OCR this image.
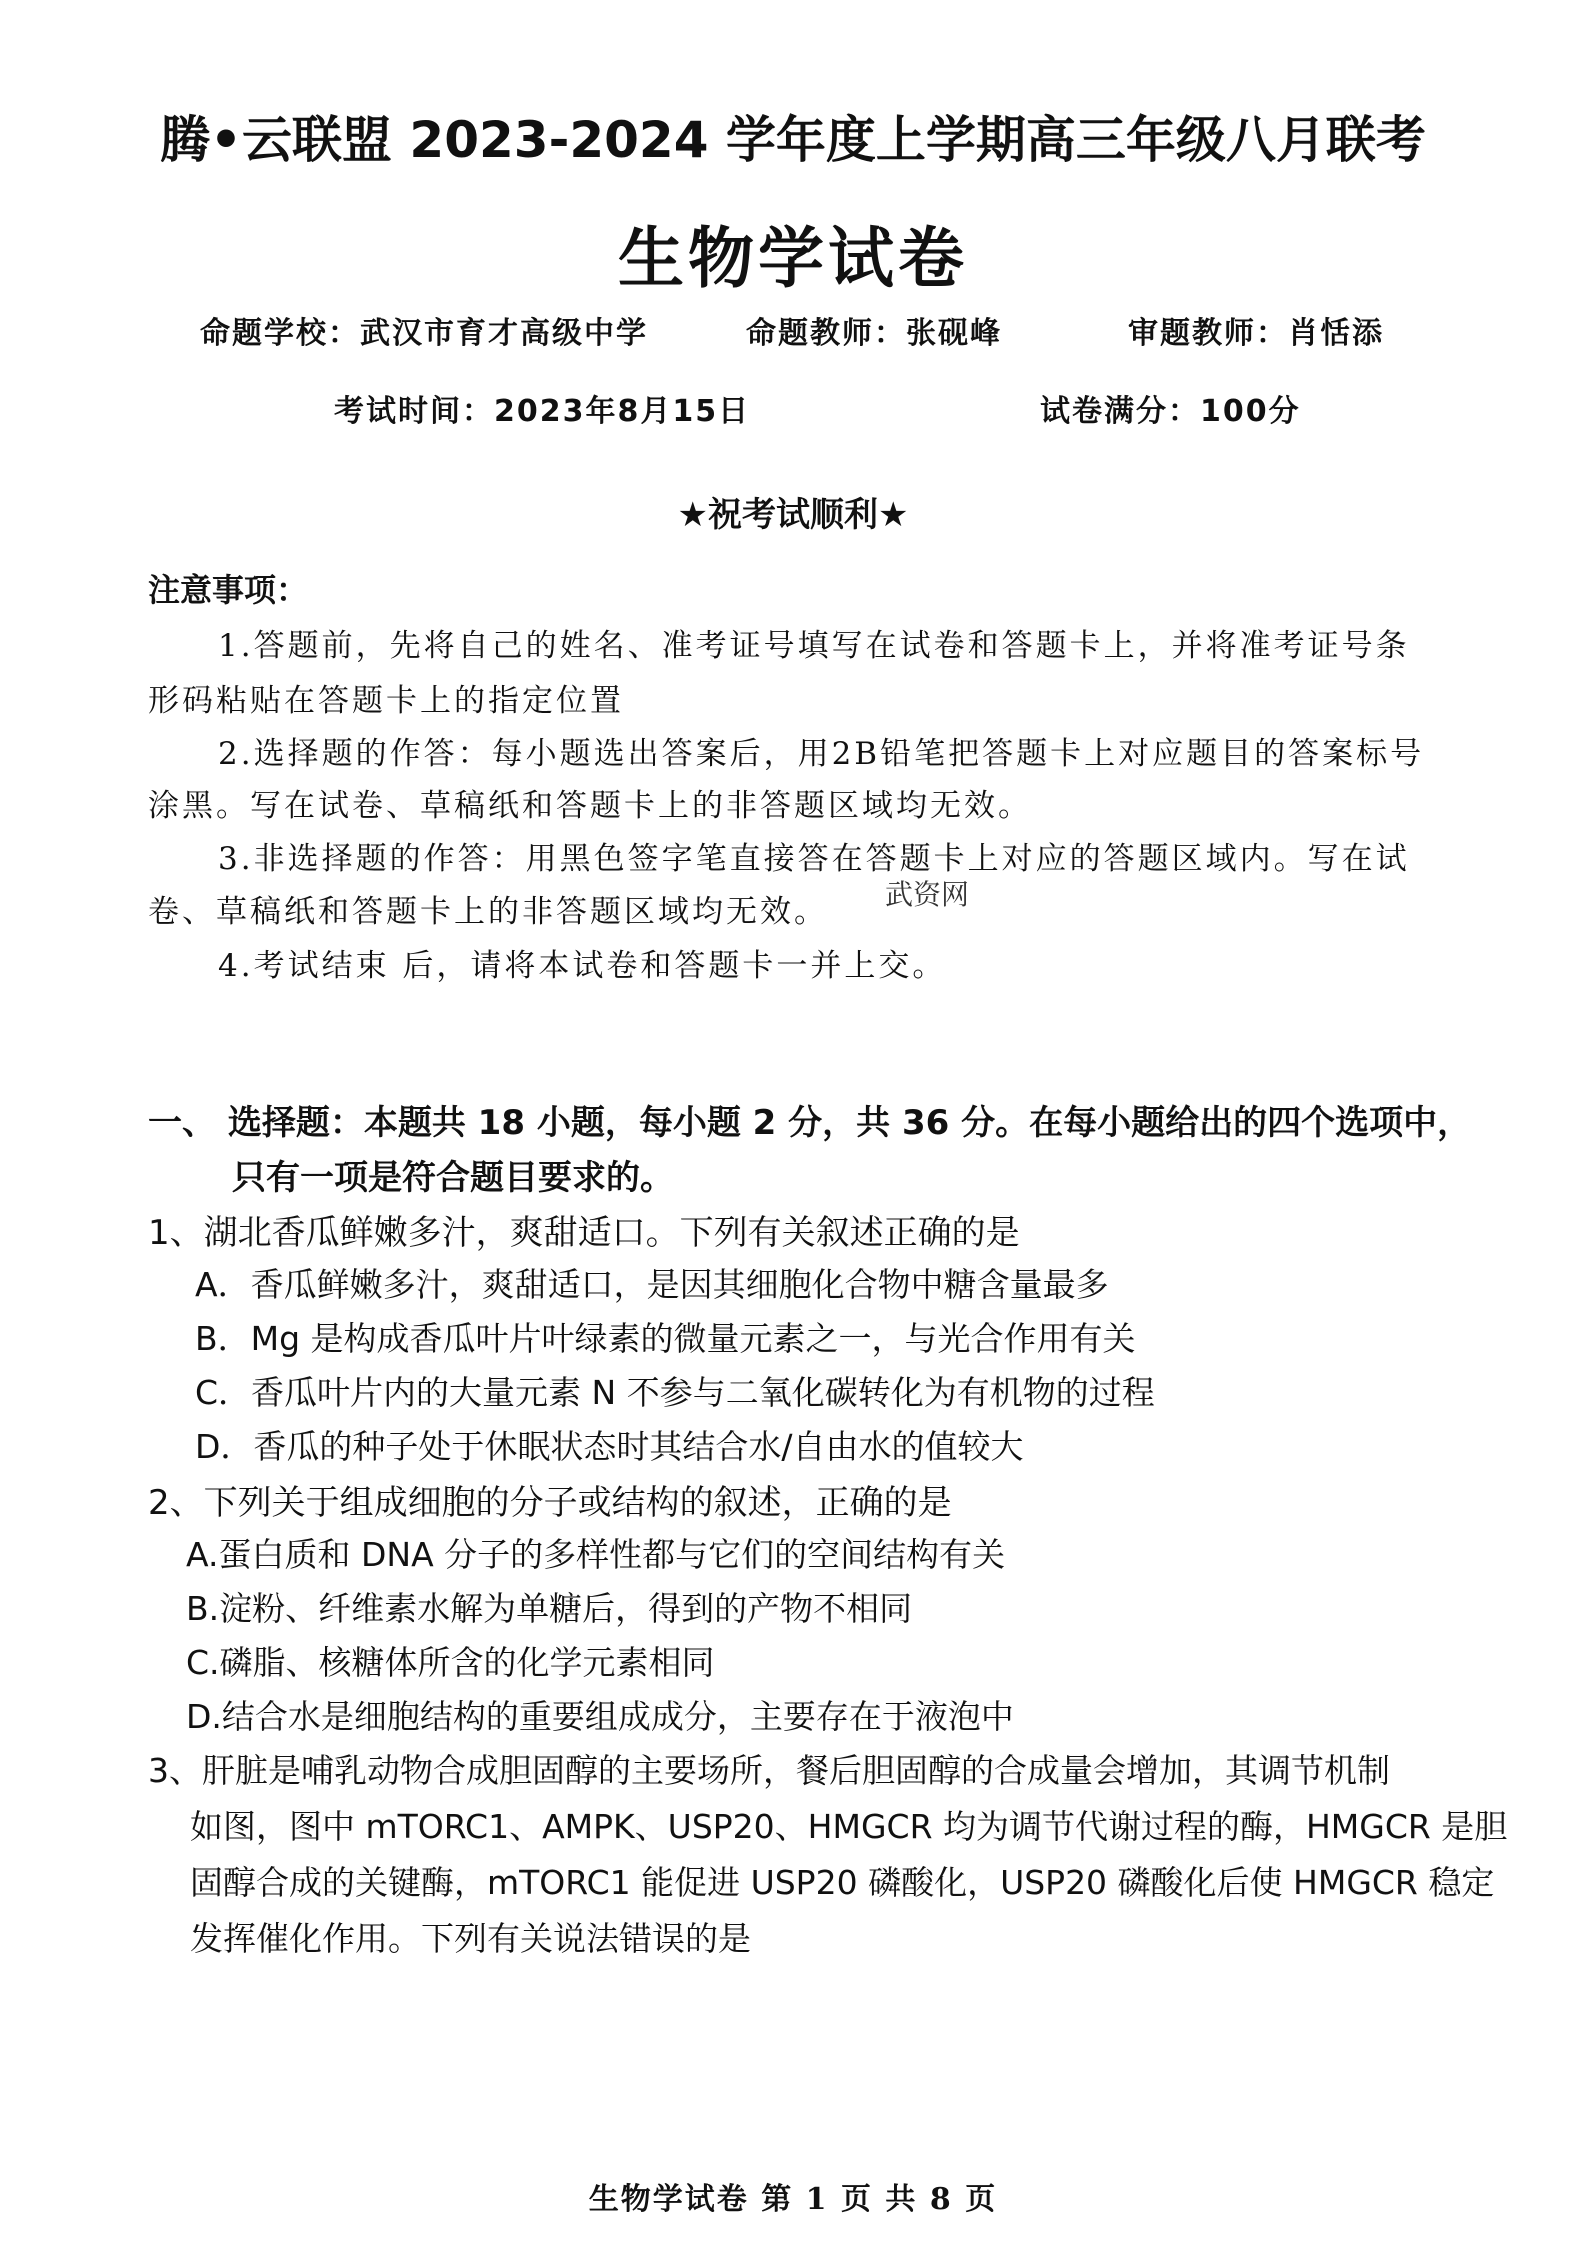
腾•云联盟 2023-2024 学年度上学期高三年级八月联考
生物学试卷
命题学校：武汉市育才高级中学	命题教师：张砚峰	审题教师：肖恬添
考试时间：2023年8月15日	试卷满分：100分
★祝考试顺利★
注意事项：
1.答题前，先将自己的姓名、准考证号填写在试卷和答题卡上，并将准考证号条
形码粘贴在答题卡上的指定位置
2.选择题的作答：每小题选出答案后，用2B铅笔把答题卡上对应题目的答案标号
涂黑。写在试卷、草稿纸和答题卡上的非答题区域均无效。
3.非选择题的作答：用黑色签字笔直接答在答题卡上对应的答题区域内。写在试
卷、草稿纸和答题卡上的非答题区域均无效。 武资网
4.考试结束 后，请将本试卷和答题卡一并上交。
一、 选择题：本题共 18 小题，每小题 2 分，共 36 分。在每小题给出的四个选项中，
只有一项是符合题目要求的。
1、湖北香瓜鲜嫩多汁，爽甜适口。下列有关叙述正确的是
A．香瓜鲜嫩多汁，爽甜适口，是因其细胞化合物中糖含量最多
B．Mg 是构成香瓜叶片叶绿素的微量元素之一，与光合作用有关
C．香瓜叶片内的大量元素 N 不参与二氧化碳转化为有机物的过程
D．香瓜的种子处于休眠状态时其结合水/自由水的值较大
2、下列关于组成细胞的分子或结构的叙述，正确的是
A.蛋白质和 DNA 分子的多样性都与它们的空间结构有关
B.淀粉、纤维素水解为单糖后，得到的产物不相同
C.磷脂、核糖体所含的化学元素相同
D.结合水是细胞结构的重要组成成分，主要存在于液泡中
3、肝脏是哺乳动物合成胆固醇的主要场所，餐后胆固醇的合成量会增加，其调节机制
如图，图中 mTORC1、AMPK、USP20、HMGCR 均为调节代谢过程的酶，HMGCR 是胆
固醇合成的关键酶，mTORC1 能促进 USP20 磷酸化，USP20 磷酸化后使 HMGCR 稳定
发挥催化作用。下列有关说法错误的是
生物学试卷 第 1 页 共 8 页
